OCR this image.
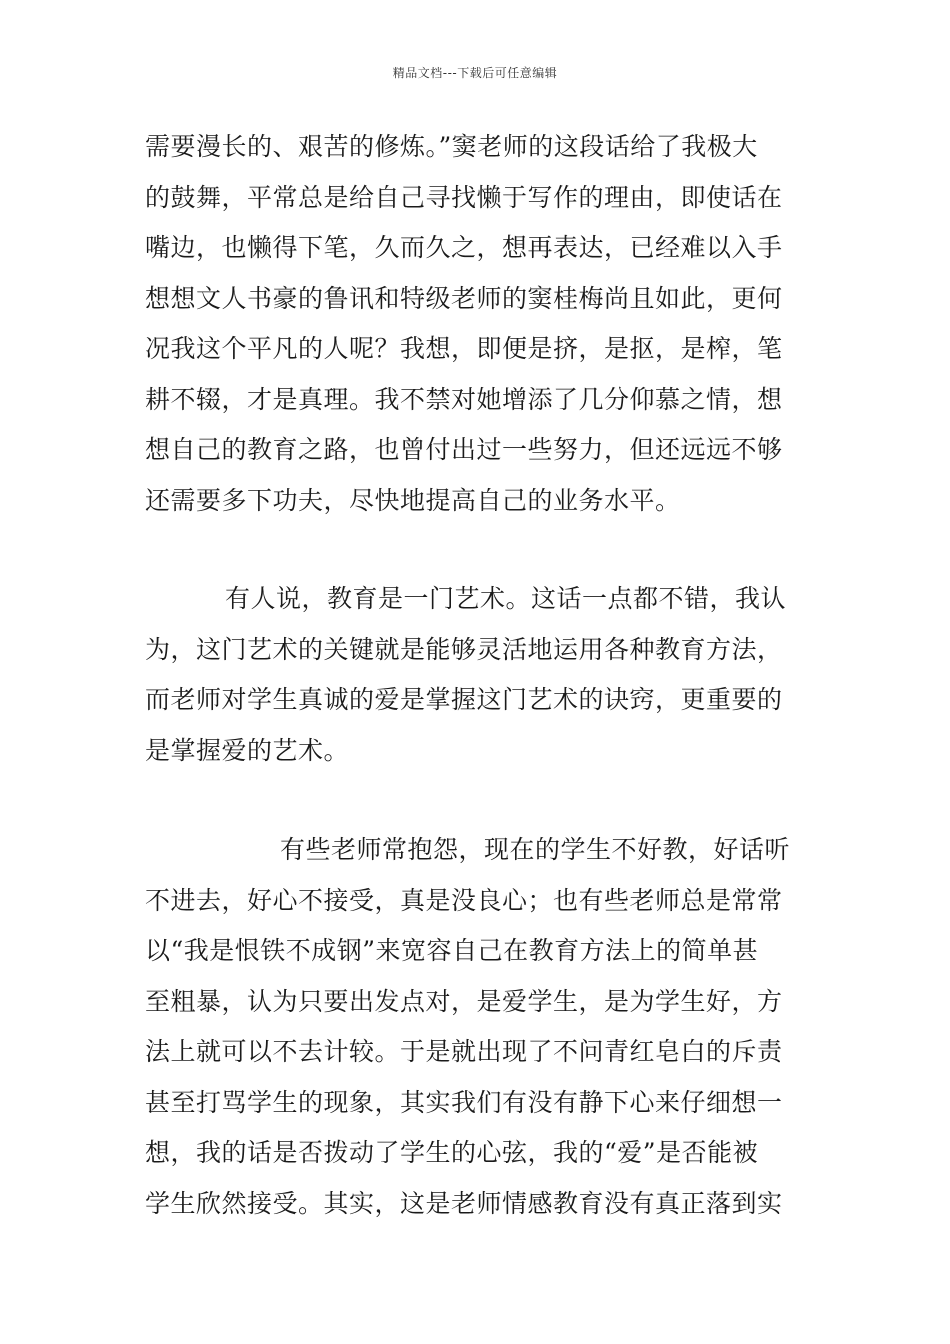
精品文档---下载后可任意编辑
需要漫长的、艰苦的修炼。”窦老师的这段话给了我极大
的鼓舞，平常总是给自己寻找懒于写作的理由，即使话在
嘴边，也懒得下笔，久而久之，想再表达，已经难以入手
想想文人书豪的鲁讯和特级老师的窦桂梅尚且如此，更何
况我这个平凡的人呢？我想，即便是挤，是抠，是榨，笔
耕不辍，才是真理。我不禁对她增添了几分仰慕之情，想
想自己的教育之路，也曾付出过一些努力，但还远远不够
还需要多下功夫，尽快地提高自己的业务水平。
有人说，教育是一门艺术。这话一点都不错，我认
为，这门艺术的关键就是能够灵活地运用各种教育方法，
而老师对学生真诚的爱是掌握这门艺术的诀窍，更重要的
是掌握爱的艺术。
有些老师常抱怨，现在的学生不好教，好话听
不进去，好心不接受，真是没良心；也有些老师总是常常
以“我是恨铁不成钢”来宽容自己在教育方法上的简单甚
至粗暴，认为只要出发点对，是爱学生，是为学生好，方
法上就可以不去计较。于是就出现了不问青红皂白的斥责
甚至打骂学生的现象，其实我们有没有静下心来仔细想一
想，我的话是否拨动了学生的心弦，我的“爱”是否能被
学生欣然接受。其实，这是老师情感教育没有真正落到实
